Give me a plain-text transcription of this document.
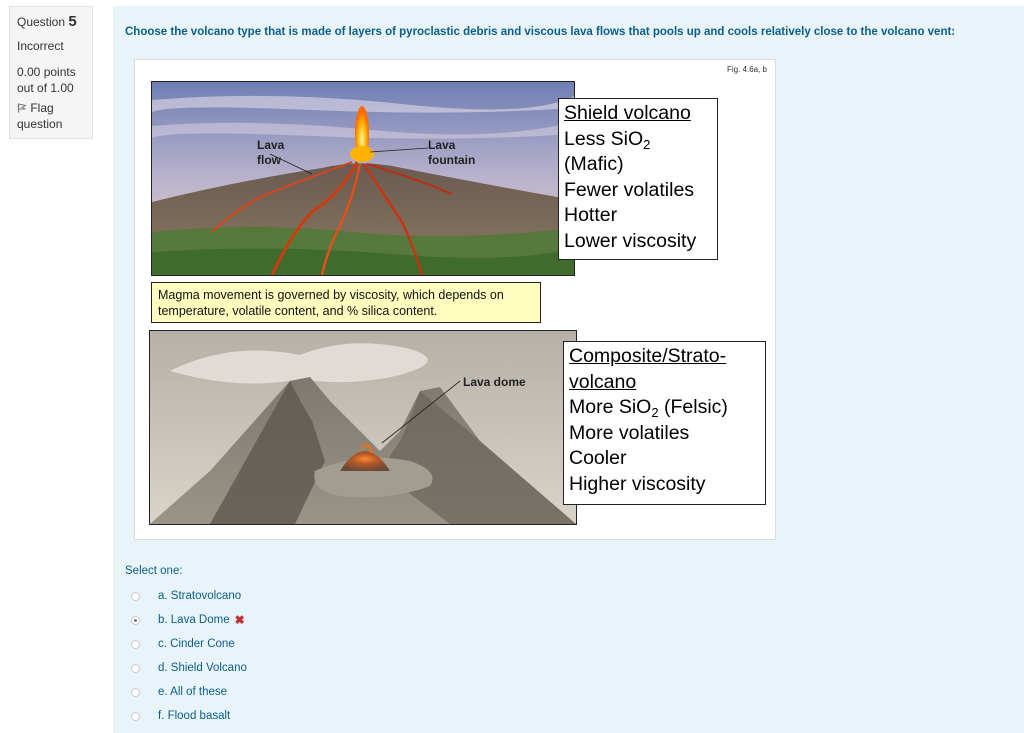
Question 5
Incorrect
0.00 points
out of 1.00
Flag
question
Choose the volcano type that is made of layers of pyroclastic debris and viscous lava flows that pools up and cools relatively close to the volcano vent:
Fig. 4.6a, b
Lava
flow
Lava
fountain
Shield volcano
Less SiO$_2$
(Mafic)
Fewer volatiles
Hotter
Lower viscosity
Magma movement is governed by viscosity, which depends on temperature, volatile content, and % silica content.
Lava dome
Composite/Strato-
volcano
More SiO$_2$ (Felsic)
More volatiles
Cooler
Higher viscosity
Select one:
a. Stratovolcano
b. Lava Dome ✖
c. Cinder Cone
d. Shield Volcano
e. All of these
f. Flood basalt
